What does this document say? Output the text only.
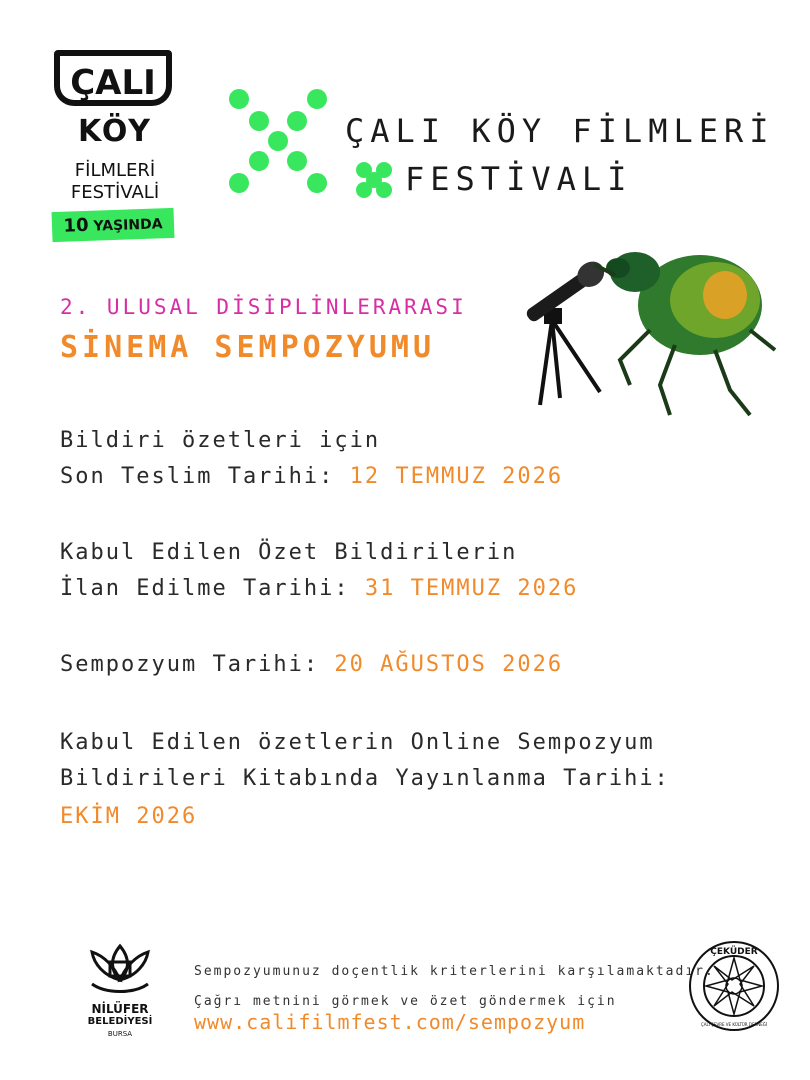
ÇALI
KÖY
FİLMLERİ
FESTİVALİ
10 YAŞINDA
ÇALI KÖY FİLMLERİ
FESTİVALİ
2. ULUSAL DİSİPLİNLERARASI
SİNEMA SEMPOZYUMU
Bildiri özetleri için
Son Teslim Tarihi: 12 TEMMUZ 2026
Kabul Edilen Özet Bildirilerin
İlan Edilme Tarihi: 31 TEMMUZ 2026
Sempozyum Tarihi: 20 AĞUSTOS 2026
Kabul Edilen özetlerin Online Sempozyum
Bildirileri Kitabında Yayınlanma Tarihi:
EKİM 2026
NİLÜFER
BELEDİYESİ
BURSA
Sempozyumunuz doçentlik kriterlerini karşılamaktadır.
Çağrı metnini görmek ve özet göndermek için
www.califilmfest.com/sempozyum
ÇEKÜDER
ÇALI ÇEVRE VE KÜLTÜR DERNEĞİ
